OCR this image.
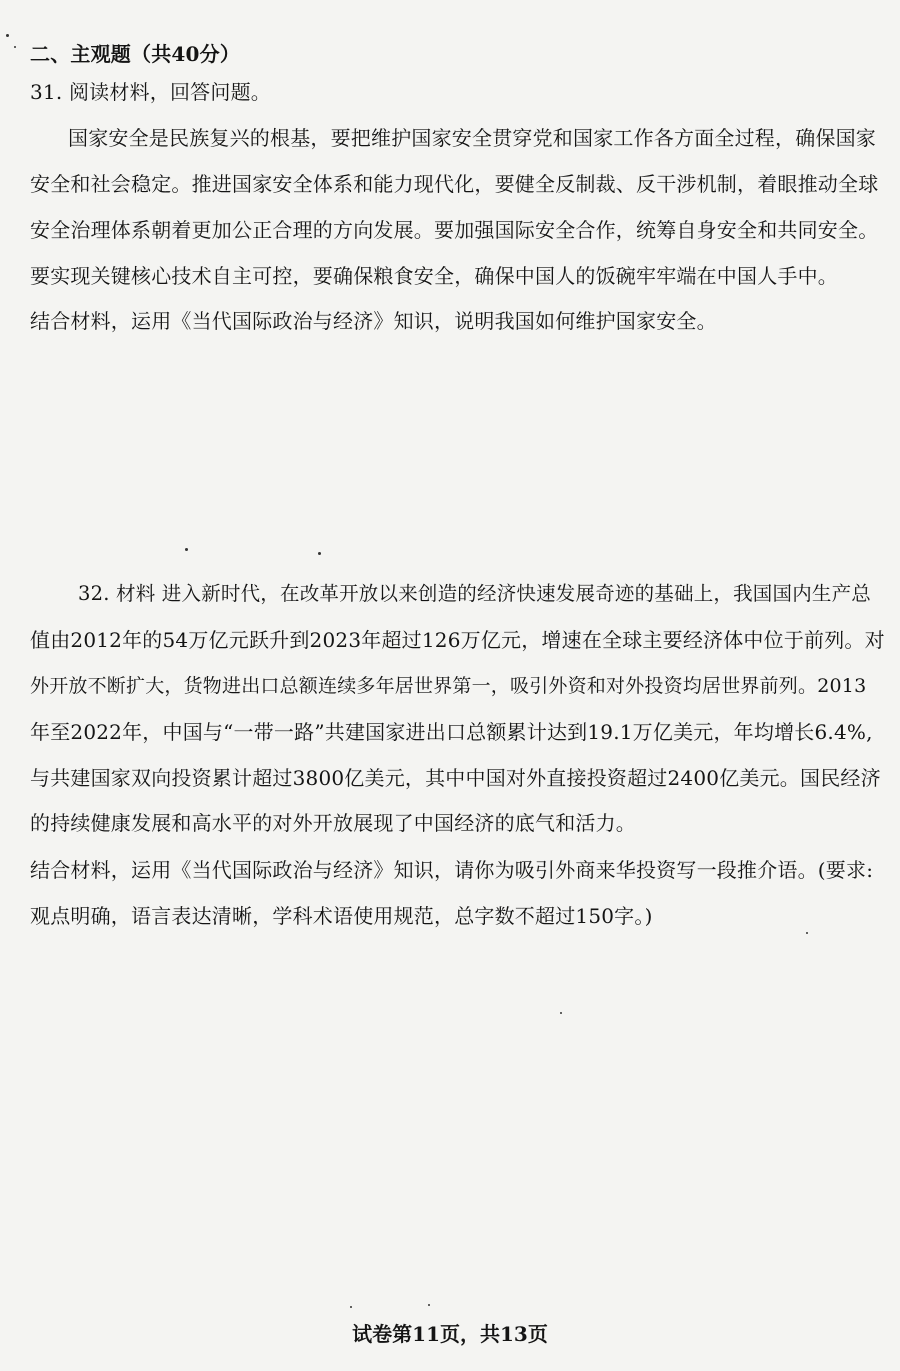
二、主观题（共40分）
31. 阅读材料，回答问题。
国家安全是民族复兴的根基，要把维护国家安全贯穿党和国家工作各方面全过程，确保国家
安全和社会稳定。推进国家安全体系和能力现代化，要健全反制裁、反干涉机制，着眼推动全球
安全治理体系朝着更加公正合理的方向发展。要加强国际安全合作，统筹自身安全和共同安全。
要实现关键核心技术自主可控，要确保粮食安全，确保中国人的饭碗牢牢端在中国人手中。
结合材料，运用《当代国际政治与经济》知识，说明我国如何维护国家安全。
32. 材料 进入新时代，在改革开放以来创造的经济快速发展奇迹的基础上，我国国内生产总
值由2012年的54万亿元跃升到2023年超过126万亿元，增速在全球主要经济体中位于前列。对
外开放不断扩大，货物进出口总额连续多年居世界第一，吸引外资和对外投资均居世界前列。2013
年至2022年，中国与“一带一路”共建国家进出口总额累计达到19.1万亿美元，年均增长6.4%,
与共建国家双向投资累计超过3800亿美元，其中中国对外直接投资超过2400亿美元。国民经济
的持续健康发展和高水平的对外开放展现了中国经济的底气和活力。
结合材料，运用《当代国际政治与经济》知识，请你为吸引外商来华投资写一段推介语。(要求:
观点明确，语言表达清晰，学科术语使用规范，总字数不超过150字。)
试卷第11页，共13页
